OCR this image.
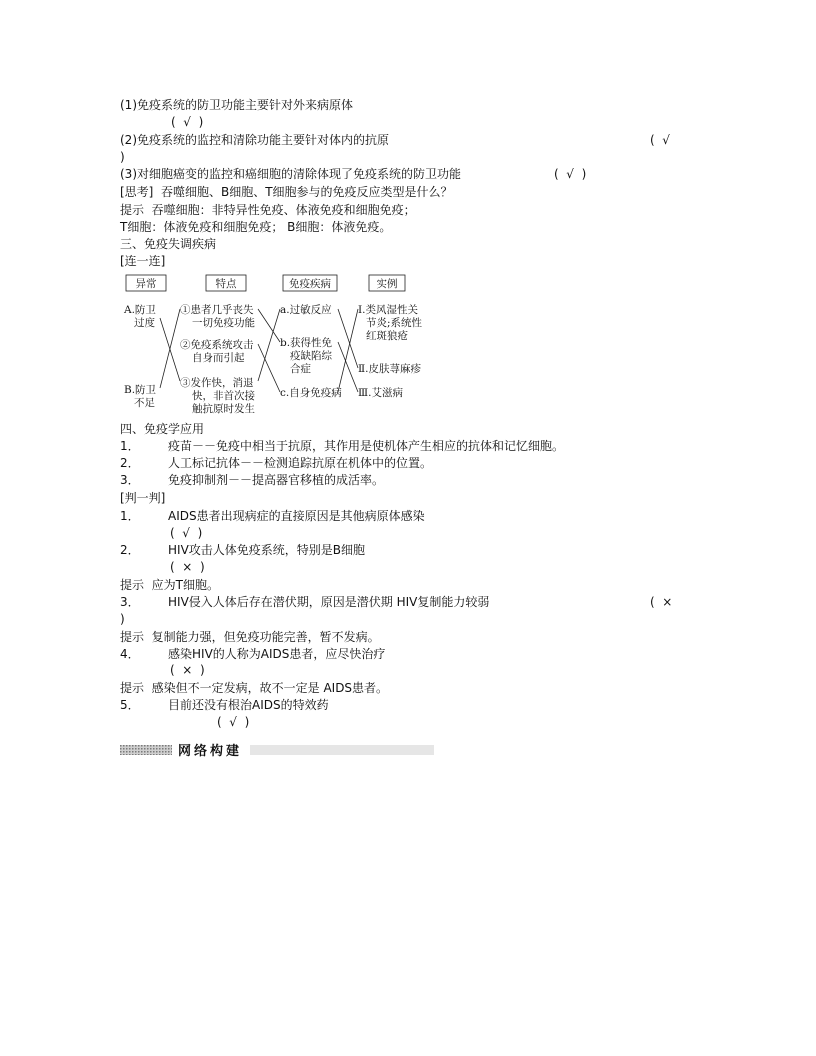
(1)免疫系统的防卫功能主要针对外来病原体
(  √  )
(2)免疫系统的监控和清除功能主要针对体内的抗原	(  √
)
(3)对细胞癌变的监控和癌细胞的清除体现了免疫系统的防卫功能	(  √  )
[思考]  吞噬细胞、B细胞、T细胞参与的免疫反应类型是什么？
提示  吞噬细胞：非特异性免疫、体液免疫和细胞免疫；
T细胞：体液免疫和细胞免疫； B细胞：体液免疫。
三、免疫失调疾病
[连一连]
异常	特点	免疫疾病	实例
A.防卫
过度
B.防卫
不足
①患者几乎丧失
一切免疫功能
②免疫系统攻击
自身而引起
③发作快，消退
快，非首次接
触抗原时发生
a.过敏反应
b.获得性免
疫缺陷综
合症
c.自身免疫病
Ⅰ.类风湿性关
节炎;系统性
红斑狼疮
Ⅱ.皮肤荨麻疹
Ⅲ.艾滋病
四、免疫学应用
1． 疫苗－－免疫中相当于抗原，其作用是使机体产生相应的抗体和记忆细胞。
2． 人工标记抗体－－检测追踪抗原在机体中的位置。
3． 免疫抑制剂－－提高器官移植的成活率。
[判一判]
1． AIDS患者出现病症的直接原因是其他病原体感染
(  √  )
2． HIV攻击人体免疫系统，特别是B细胞
(  ×  )
提示  应为T细胞。
3． HIV侵入人体后存在潜伏期，原因是潜伏期 HIV复制能力较弱	(  ×
)
提示  复制能力强，但免疫功能完善，暂不发病。
4． 感染HIV的人称为AIDS患者，应尽快治疗
(  ×  )
提示  感染但不一定发病，故不一定是 AIDS患者。
5． 目前还没有根治AIDS的特效药
(  √  )
网络构建
